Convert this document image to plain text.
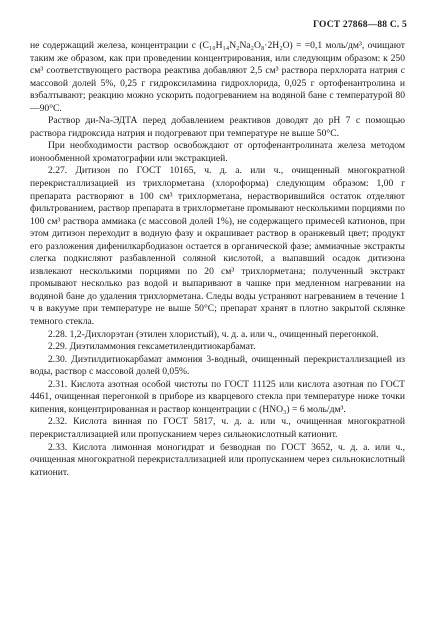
ГОСТ 27868—88 С. 5

не содержащий железа, концентрации c (C₁₀H₁₄N₂Na₂O₈·2H₂O) = =0,1 моль/дм³, очищают таким же образом, как при проведении концентрирования, или следующим образом: к 250 см³ соответствующего раствора реактива добавляют 2,5 см³ раствора перхлората натрия с массовой долей 5%, 0,25 г гидроксиламина гидрохлорида, 0,025 г ортофенантролина и взбалтывают; реакцию можно ускорить подогреванием на водяной бане с температурой 80—90°С.

Раствор ди-Na-ЭДТА перед добавлением реактивов доводят до рН 7 с помощью раствора гидроксида натрия и подогревают при температуре не выше 50°С.

При необходимости раствор освобождают от ортофенантролината железа методом ионообменной хроматографии или экстракцией.

2.27. Дитизон по ГОСТ 10165, ч. д. а. или ч., очищенный многократной перекристаллизацией из трихлорметана (хлороформа) следующим образом: 1,00 г препарата растворяют в 100 см³ трихлорметана, нерастворившийся остаток отделяют фильтрованием, раствор препарата в трихлорметане промывают несколькими порциями по 100 см³ раствора аммиака (с массовой долей 1%), не содержащего примесей катионов, при этом дитизон переходит в водную фазу и окрашивает раствор в оранжевый цвет; продукт его разложения дифенилкарбодиазон остается в органической фазе; аммиачные экстракты слегка подкисляют разбавленной соляной кислотой, а выпавший осадок дитизона извлекают несколькими порциями по 20 см³ трихлорметана; полученный экстракт промывают несколько раз водой и выпаривают в чашке при медленном нагревании на водяной бане до удаления трихлорметана. Следы воды устраняют нагреванием в течение 1 ч в вакууме при температуре не выше 50°С; препарат хранят в плотно закрытой склянке темного стекла.

2.28. 1,2-Дихлорэтан (этилен хлористый), ч. д. а. или ч., очищенный перегонкой.

2.29. Диэтиламмония гексаметилендитиокарбамат.

2.30. Диэтилдитиокарбамат аммония 3-водный, очищенный перекристаллизацией из воды, раствор с массовой долей 0,05%.

2.31. Кислота азотная особой чистоты по ГОСТ 11125 или кислота азотная по ГОСТ 4461, очищенная перегонкой в приборе из кварцевого стекла при температуре ниже точки кипения, концентрированная и раствор концентрации c (HNO₃) = 6 моль/дм³.

2.32. Кислота винная по ГОСТ 5817, ч. д. а. или ч., очищенная многократной перекристаллизацией или пропусканием через сильнокислотный катионит.

2.33. Кислота лимонная моногидрат и безводная по ГОСТ 3652, ч. д. а. или ч., очищенная многократной перекристаллизацией или пропусканием через сильнокислотный катионит.
